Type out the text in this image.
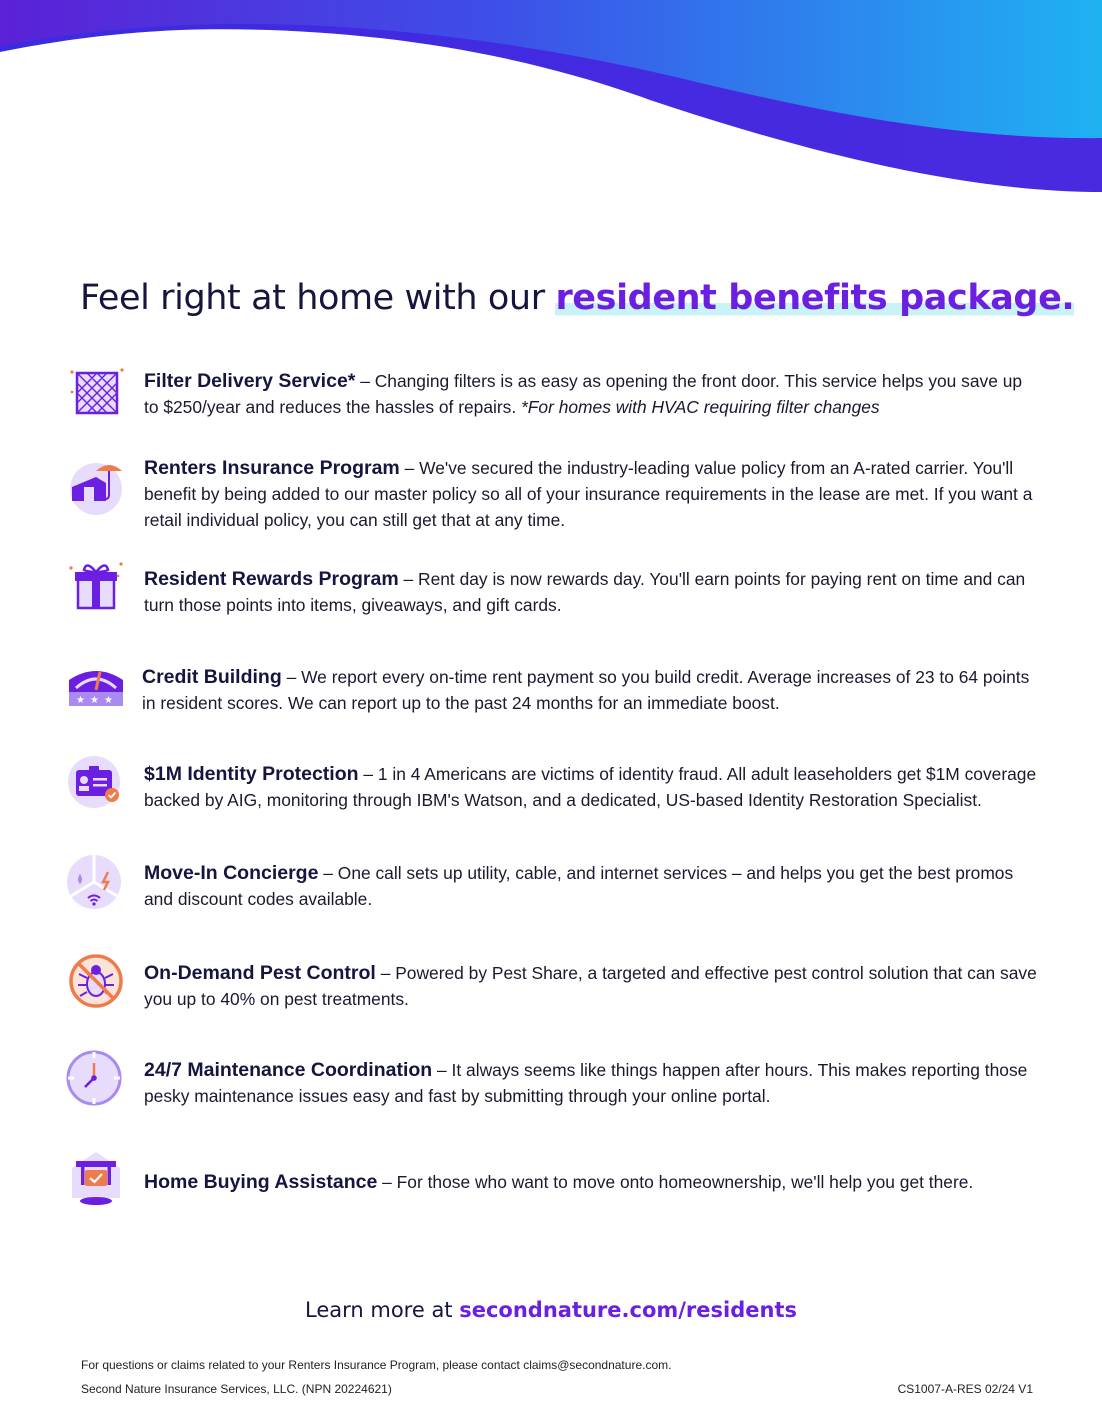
Feel right at home with our resident benefits package.
Filter Delivery Service* – Changing filters is as easy as opening the front door. This service helps you save up to $250/year and reduces the hassles of repairs. *For homes with HVAC requiring filter changes
Renters Insurance Program – We've secured the industry-leading value policy from an A-rated carrier. You'll benefit by being added to our master policy so all of your insurance requirements in the lease are met. If you want a retail individual policy, you can still get that at any time.
Resident Rewards Program – Rent day is now rewards day. You'll earn points for paying rent on time and can turn those points into items, giveaways, and gift cards.
★ ★ ★
Credit Building – We report every on-time rent payment so you build credit. Average increases of 23 to 64 points in resident scores. We can report up to the past 24 months for an immediate boost.
$1M Identity Protection – 1 in 4 Americans are victims of identity fraud. All adult leaseholders get $1M coverage backed by AIG, monitoring through IBM's Watson, and a dedicated, US-based Identity Restoration Specialist.
Move-In Concierge – One call sets up utility, cable, and internet services – and helps you get the best promos and discount codes available.
On-Demand Pest Control – Powered by Pest Share, a targeted and effective pest control solution that can save you up to 40% on pest treatments.
24/7 Maintenance Coordination – It always seems like things happen after hours. This makes reporting those pesky maintenance issues easy and fast by submitting through your online portal.
Home Buying Assistance – For those who want to move onto homeownership, we'll help you get there.
Learn more at secondnature.com/residents
For questions or claims related to your Renters Insurance Program, please contact claims@secondnature.com.
Second Nature Insurance Services, LLC. (NPN 20224621)	CS1007-A-RES 02/24 V1
